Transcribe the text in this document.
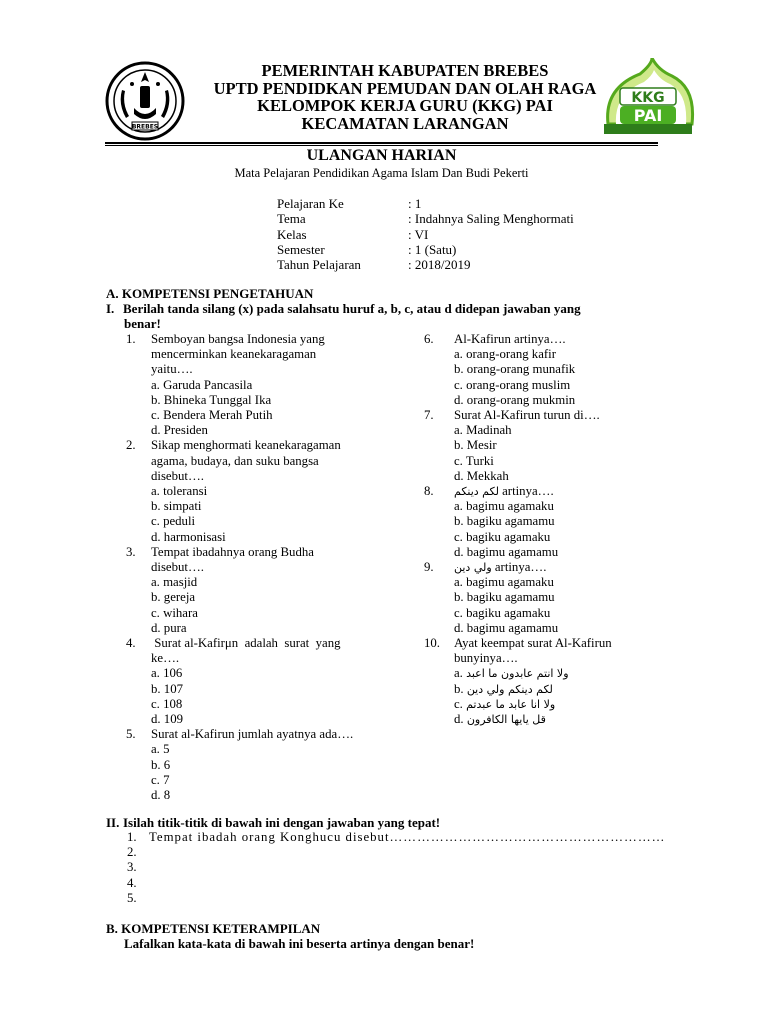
BREBES
KKG
PAI
PEMERINTAH KABUPATEN BREBES
UPTD PENDIDKAN PEMUDAN DAN OLAH RAGA
KELOMPOK KERJA GURU (KKG) PAI
KECAMATAN LARANGAN
ULANGAN HARIAN
Mata Pelajaran Pendidikan Agama Islam Dan Budi Pekerti
Pelajaran Ke	: 1
Tema	: Indahnya Saling Menghormati
Kelas	: VI
Semester	: 1 (Satu)
Tahun Pelajaran	: 2018/2019
A. KOMPETENSI PENGETAHUAN
I. Berilah tanda silang (x) pada salahsatu huruf a, b, c, atau d didepan jawaban yang
benar!
1. Semboyan bangsa Indonesia yang
mencerminkan keanekaragaman
yaitu….
a. Garuda Pancasila
b. Bhineka Tunggal Ika
c. Bendera Merah Putih
d. Presiden
2. Sikap menghormati keanekaragaman
agama, budaya, dan suku bangsa
disebut….
a. toleransi
b. simpati
c. peduli
d. harmonisasi
3. Tempat ibadahnya orang Budha
disebut….
a. masjid
b. gereja
c. wihara
d. pura
4. Surat al-Kafirμn  adalah  surat  yang
ke….
a. 106
b. 107
c. 108
d. 109
5. Surat al-Kafirun jumlah ayatnya ada….
a. 5
b. 6
c. 7
d. 8
6. Al-Kafirun artinya….
a. orang-orang kafir
b. orang-orang munafik
c. orang-orang muslim
d. orang-orang mukmin
7. Surat Al-Kafirun turun di….
a. Madinah
b. Mesir
c. Turki
d. Mekkah
8. لكم دينكم artinya….
a. bagimu agamaku
b. bagiku agamamu
c. bagiku agamaku
d. bagimu agamamu
9. ولي دين artinya….
a. bagimu agamaku
b. bagiku agamamu
c. bagiku agamaku
d. bagimu agamamu
10. Ayat keempat surat Al-Kafirun
bunyinya….
a. ولا انتم عابدون ما اعبد
b. لكم دينكم ولي دين
c. ولا انا عابد ما عبدتم
d. قل يايها الكافرون
II. Isilah titik-titik di bawah ini dengan jawaban yang tepat!
1. Tempat ibadah orang Konghucu disebut……………………………………………………
2.
3.
4.
5.
B. KOMPETENSI KETERAMPILAN
Lafalkan kata-kata di bawah ini beserta artinya dengan benar!
